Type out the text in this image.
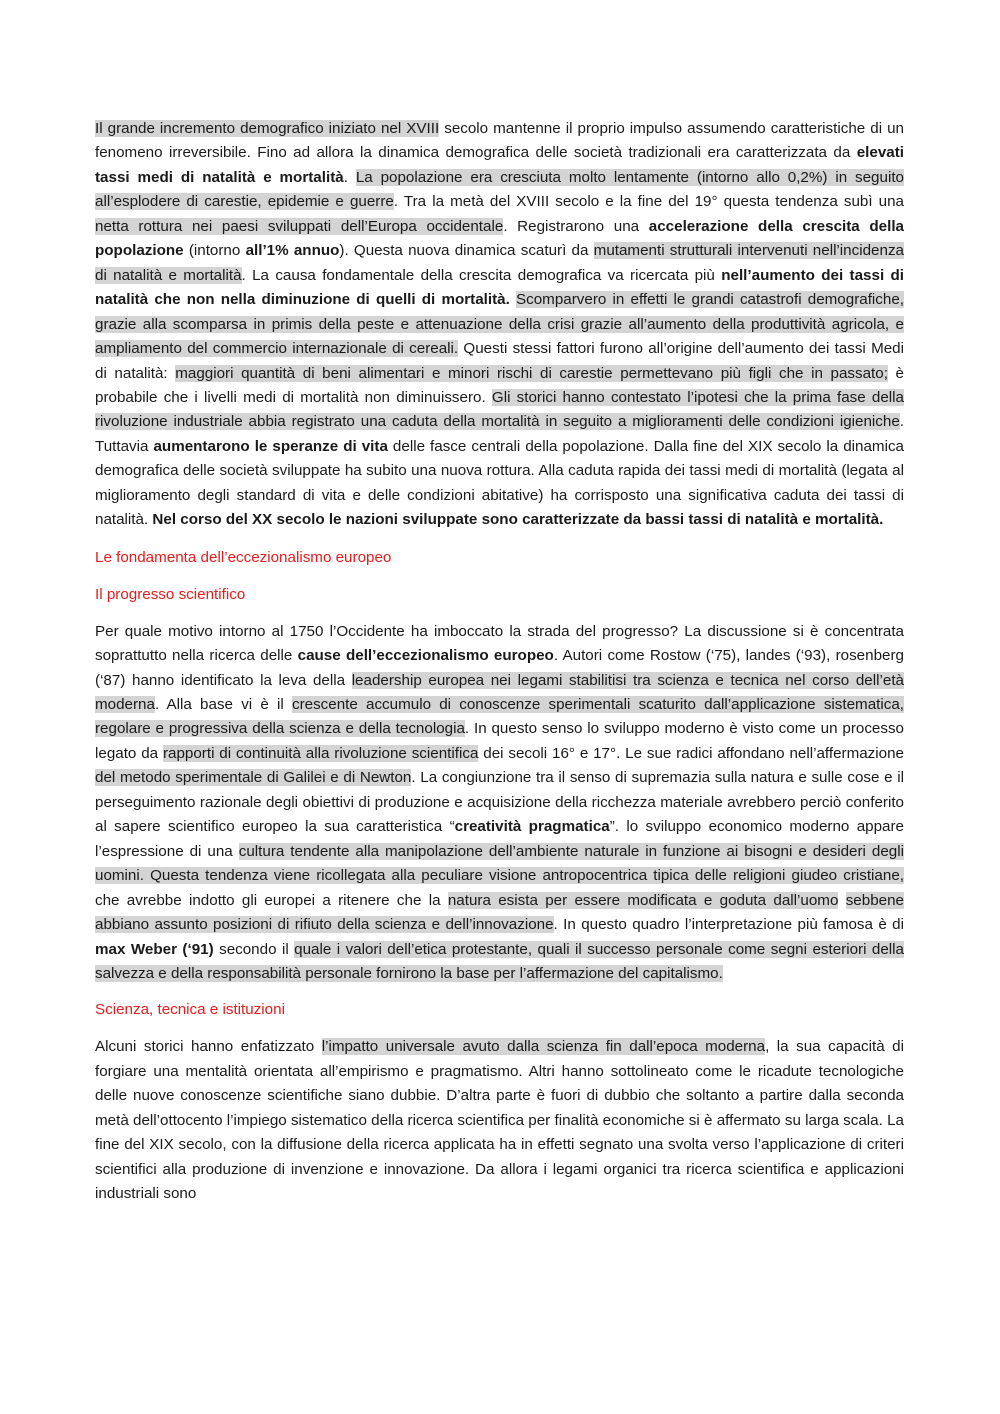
Il grande incremento demografico iniziato nel XVIII secolo mantenne il proprio impulso assumendo caratteristiche di un fenomeno irreversibile. Fino ad allora la dinamica demografica delle società tradizionali era caratterizzata da elevati tassi medi di natalità e mortalità. La popolazione era cresciuta molto lentamente (intorno allo 0,2%) in seguito all’esplodere di carestie, epidemie e guerre. Tra la metà del XVIII secolo e la fine del 19° questa tendenza subì una netta rottura nei paesi sviluppati dell’Europa occidentale. Registrarono una accelerazione della crescita della popolazione (intorno all’1% annuo). Questa nuova dinamica scaturì da mutamenti strutturali intervenuti nell’incidenza di natalità e mortalità. La causa fondamentale della crescita demografica va ricercata più nell’aumento dei tassi di natalità che non nella diminuzione di quelli di mortalità. Scomparvero in effetti le grandi catastrofi demografiche, grazie alla scomparsa in primis della peste e attenuazione della crisi grazie all’aumento della produttività agricola, e ampliamento del commercio internazionale di cereali. Questi stessi fattori furono all’origine dell’aumento dei tassi Medi di natalità: maggiori quantità di beni alimentari e minori rischi di carestie permettevano più figli che in passato; è probabile che i livelli medi di mortalità non diminuissero. Gli storici hanno contestato l’ipotesi che la prima fase della rivoluzione industriale abbia registrato una caduta della mortalità in seguito a miglioramenti delle condizioni igieniche. Tuttavia aumentarono le speranze di vita delle fasce centrali della popolazione. Dalla fine del XIX secolo la dinamica demografica delle società sviluppate ha subito una nuova rottura. Alla caduta rapida dei tassi medi di mortalità (legata al miglioramento degli standard di vita e delle condizioni abitative) ha corrisposto una significativa caduta dei tassi di natalità. Nel corso del XX secolo le nazioni sviluppate sono caratterizzate da bassi tassi di natalità e mortalità.

Le fondamenta dell’eccezionalismo europeo
Il progresso scientifico

Per quale motivo intorno al 1750 l’Occidente ha imboccato la strada del progresso? La discussione si è concentrata soprattutto nella ricerca delle cause dell’eccezionalismo europeo. Autori come Rostow (‘75), landes (‘93), rosenberg (‘87) hanno identificato la leva della leadership europea nei legami stabilitisi tra scienza e tecnica nel corso dell’età moderna. Alla base vi è il crescente accumulo di conoscenze sperimentali scaturito dall’applicazione sistematica, regolare e progressiva della scienza e della tecnologia. In questo senso lo sviluppo moderno è visto come un processo legato da rapporti di continuità alla rivoluzione scientifica dei secoli 16° e 17°. Le sue radici affondano nell’affermazione del metodo sperimentale di Galilei e di Newton. La congiunzione tra il senso di supremazia sulla natura e sulle cose e il perseguimento razionale degli obiettivi di produzione e acquisizione della ricchezza materiale avrebbero perciò conferito al sapere scientifico europeo la sua caratteristica “creatività pragmatica”. lo sviluppo economico moderno appare l’espressione di una cultura tendente alla manipolazione dell’ambiente naturale in funzione ai bisogni e desideri degli uomini. Questa tendenza viene ricollegata alla peculiare visione antropocentrica tipica delle religioni giudeo cristiane, che avrebbe indotto gli europei a ritenere che la natura esista per essere modificata e goduta dall’uomo sebbene abbiano assunto posizioni di rifiuto della scienza e dell’innovazione. In questo quadro l’interpretazione più famosa è di max Weber (‘91) secondo il quale i valori dell’etica protestante, quali il successo personale come segni esteriori della salvezza e della responsabilità personale fornirono la base per l’affermazione del capitalismo.

Scienza, tecnica e istituzioni

Alcuni storici hanno enfatizzato l’impatto universale avuto dalla scienza fin dall’epoca moderna, la sua capacità di forgiare una mentalità orientata all’empirismo e pragmatismo. Altri hanno sottolineato come le ricadute tecnologiche delle nuove conoscenze scientifiche siano dubbie. D’altra parte è fuori di dubbio che soltanto a partire dalla seconda metà dell’ottocento l’impiego sistematico della ricerca scientifica per finalità economiche si è affermato su larga scala. La fine del XIX secolo, con la diffusione della ricerca applicata ha in effetti segnato una svolta verso l’applicazione di criteri scientifici alla produzione di invenzione e innovazione. Da allora i legami organici tra ricerca scientifica e applicazioni industriali sono
